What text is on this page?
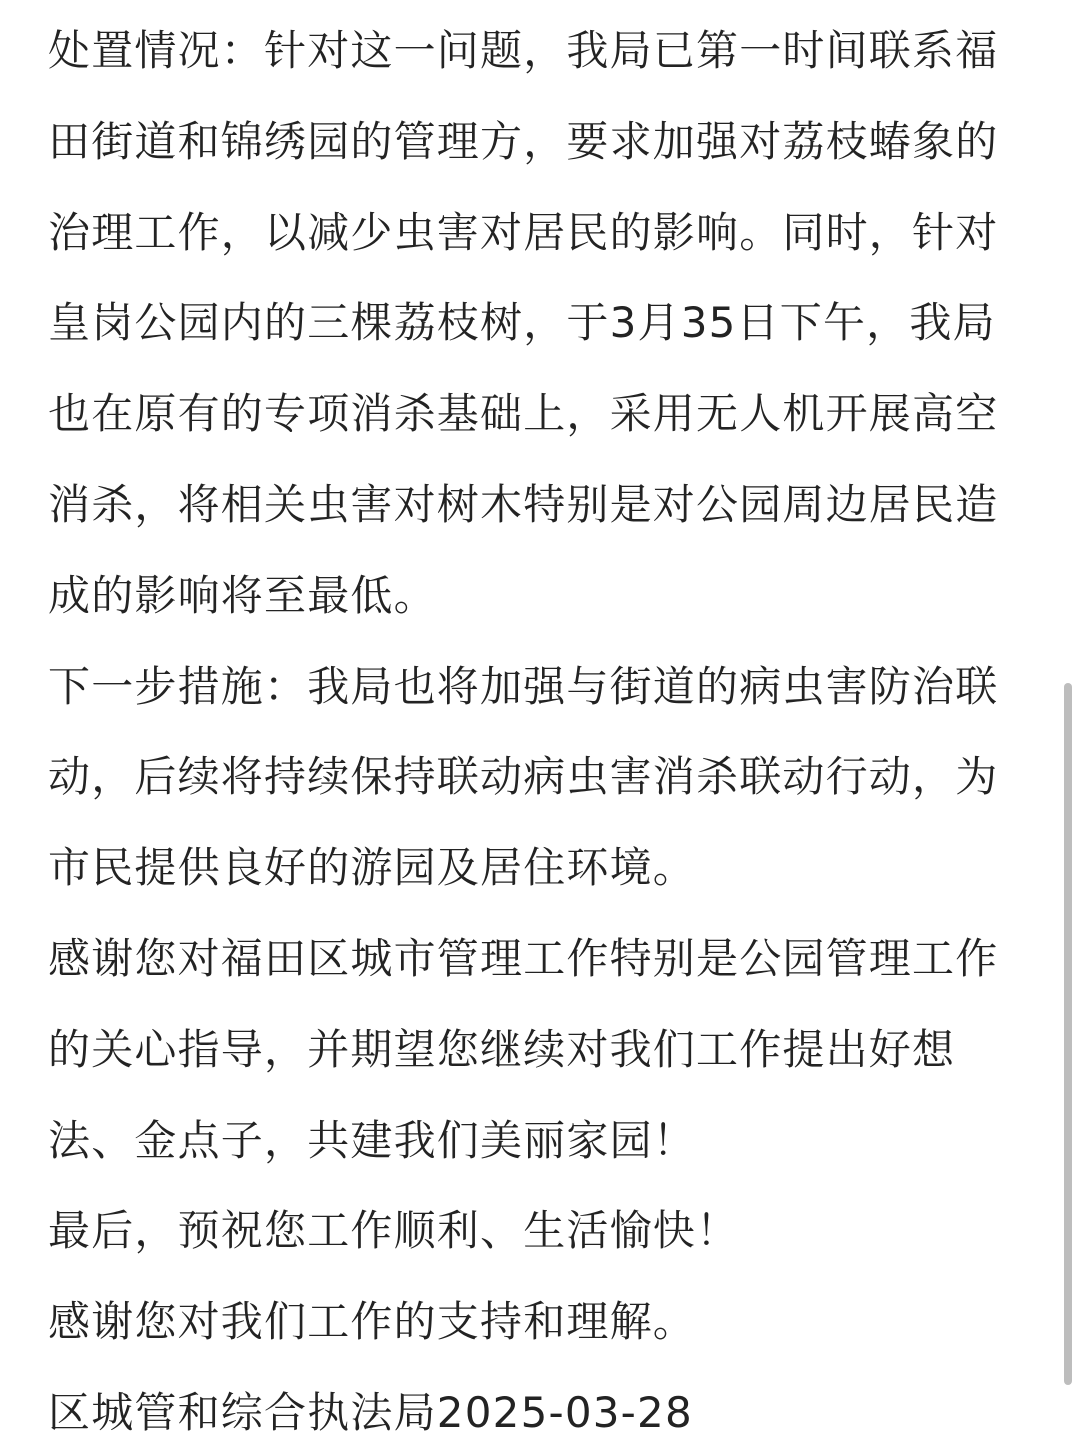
处置情况：针对这一问题，我局已第一时间联系福田街道和锦绣园的管理方，要求加强对荔枝蝽象的治理工作，以减少虫害对居民的影响。同时，针对皇岗公园内的三棵荔枝树，于3月35日下午，我局也在原有的专项消杀基础上，采用无人机开展高空消杀，将相关虫害对树木特别是对公园周边居民造成的影响将至最低。

下一步措施：我局也将加强与街道的病虫害防治联动，后续将持续保持联动病虫害消杀联动行动，为市民提供良好的游园及居住环境。

感谢您对福田区城市管理工作特别是公园管理工作的关心指导，并期望您继续对我们工作提出好想法、金点子，共建我们美丽家园！

最后，预祝您工作顺利、生活愉快！

感谢您对我们工作的支持和理解。

区城管和综合执法局2025-03-28
